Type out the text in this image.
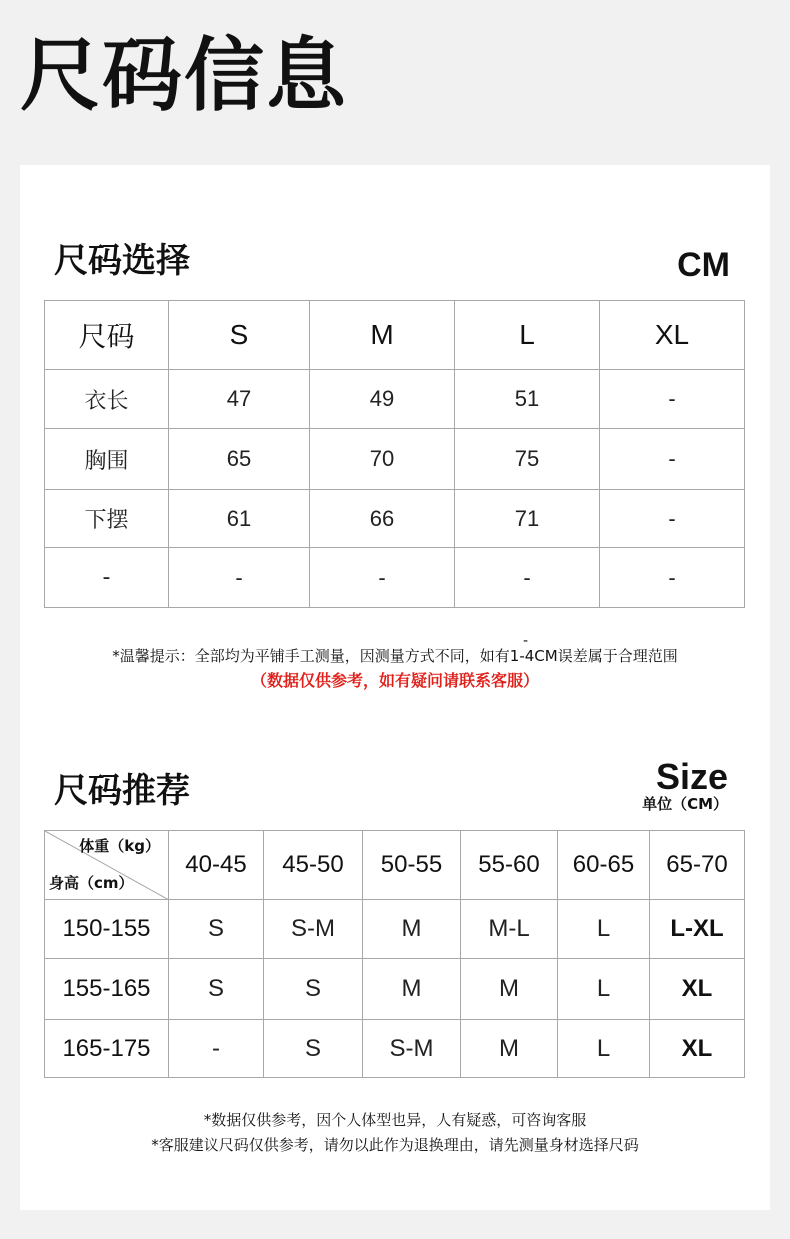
尺码信息
尺码选择	CM
尺码	S	M	L	XL
衣长	47	49	51	-
胸围	65	70	75	-
下摆	61	66	71	-
-	-	-	-	-
-
*温馨提示：全部均为平铺手工测量，因测量方式不同，如有1-4CM误差属于合理范围
（数据仅供参考，如有疑问请联系客服）
尺码推荐	Size
单位（CM）
体重（kg）
身高（cm）	40-45	45-50	50-55	55-60	60-65	65-70
150-155	S	S-M	M	M-L	L	L-XL
155-165	S	S	M	M	L	XL
165-175	-	S	S-M	M	L	XL
*数据仅供参考，因个人体型也异，人有疑惑，可咨询客服
*客服建议尺码仅供参考，请勿以此作为退换理由，请先测量身材选择尺码
